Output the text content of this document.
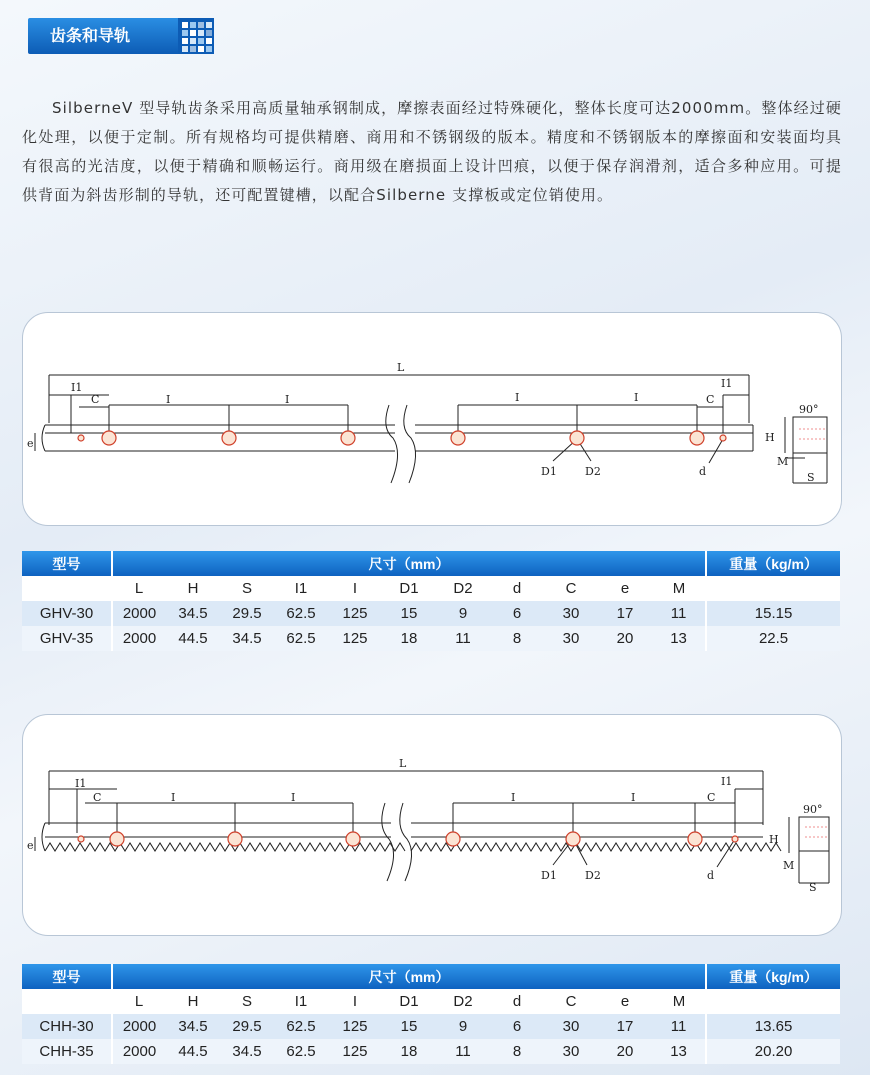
齿条和导轨

SilberneV 型导轨齿条采用高质量轴承钢制成，摩擦表面经过特殊硬化，整体长度可达2000mm。整体经过硬化处理，以便于定制。所有规格均可提供精磨、商用和不锈钢级的版本。精度和不锈钢版本的摩擦面和安装面均具有很高的光洁度，以便于精确和顺畅运行。商用级在磨损面上设计凹痕，以便于保存润滑剂，适合多种应用。可提供背面为斜齿形制的导轨，还可配置键槽，以配合Silberne 支撑板或定位销使用。

L
I1	I1
C	C
I	I	I	I
D1	D2	d
e	H
M
S
90°
型号	尺寸（mm）											重量（kg/m）
	L	H	S	I1	I	D1	D2	d	C	e	M	
GHV-30	2000	34.5	29.5	62.5	125	15	9	6	30	17	11	15.15
GHV-35	2000	44.5	34.5	62.5	125	18	11	8	30	20	13	22.5
L
I1	I1
C	C
I	I	I	I
D1	D2	d
e	H
M
S
90°
型号	尺寸（mm）											重量（kg/m）
	L	H	S	I1	I	D1	D2	d	C	e	M	
CHH-30	2000	34.5	29.5	62.5	125	15	9	6	30	17	11	13.65
CHH-35	2000	44.5	34.5	62.5	125	18	11	8	30	20	13	20.20
